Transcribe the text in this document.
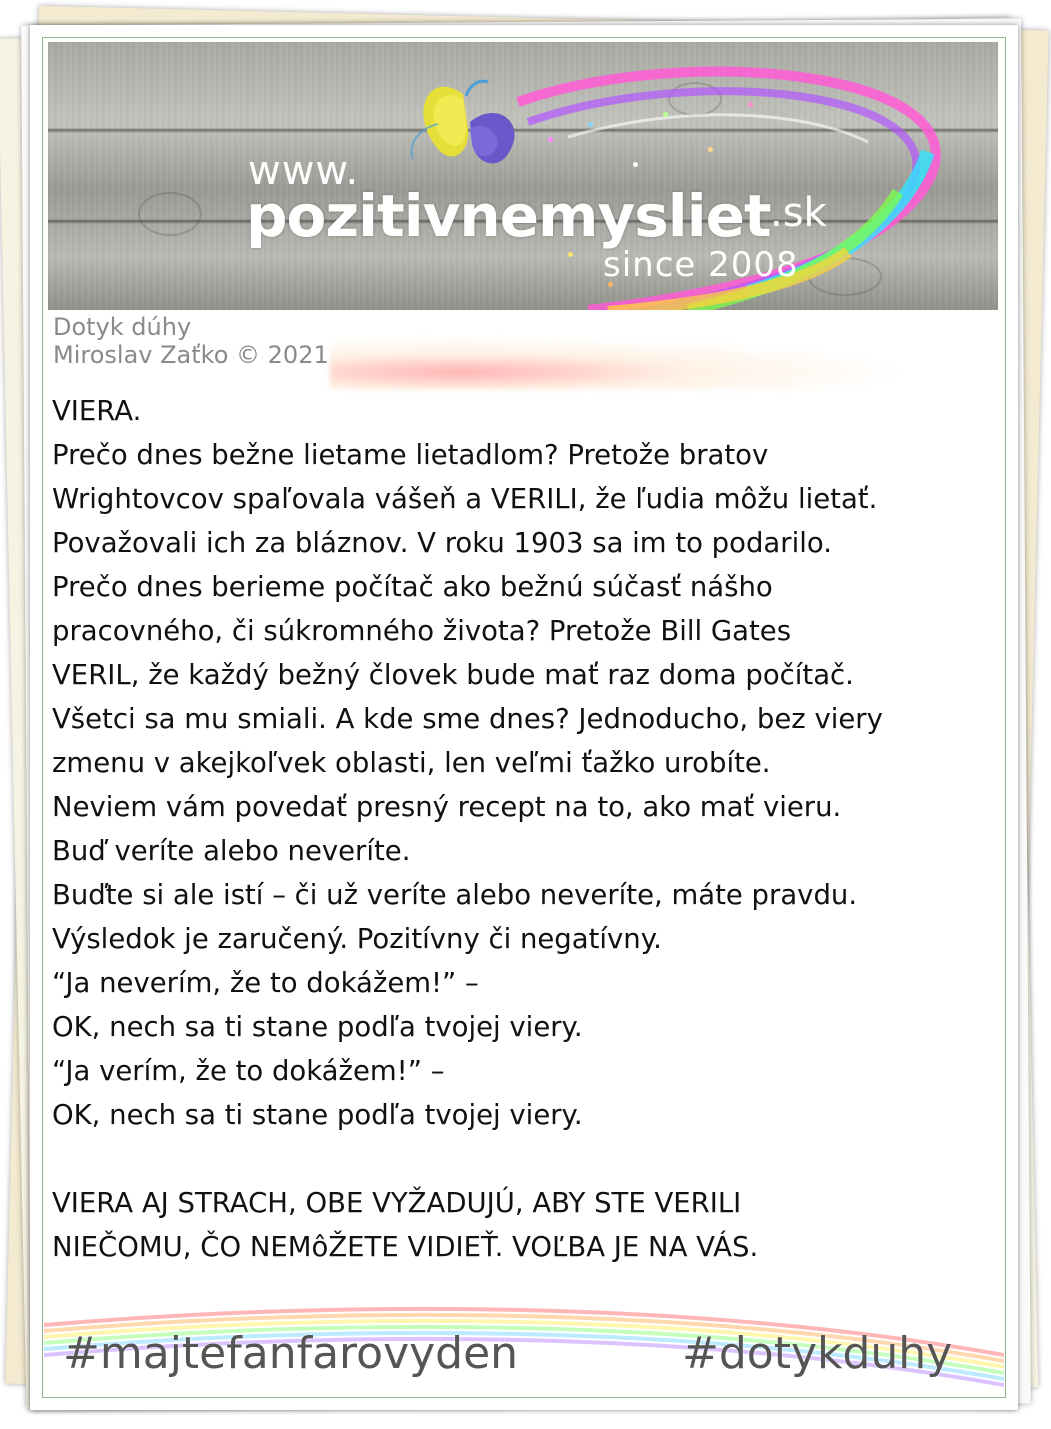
www.
pozitivnemysliet .sk
since 2008
Dotyk dúhy
Miroslav Zaťko © 2021
VIERA.
Prečo dnes bežne lietame lietadlom? Pretože bratov
Wrightovcov spaľovala vášeň a VERILI, že ľudia môžu lietať.
Považovali ich za bláznov. V roku 1903 sa im to podarilo.
Prečo dnes berieme počítač ako bežnú súčasť nášho
pracovného, či súkromného života? Pretože Bill Gates
VERIL, že každý bežný človek bude mať raz doma počítač.
Všetci sa mu smiali. A kde sme dnes? Jednoducho, bez viery
zmenu v akejkoľvek oblasti, len veľmi ťažko urobíte.
Neviem vám povedať presný recept na to, ako mať vieru.
Buď veríte alebo neveríte.
Buďte si ale istí – či už veríte alebo neveríte, máte pravdu.
Výsledok je zaručený. Pozitívny či negatívny.
“Ja neverím, že to dokážem!” –
OK, nech sa ti stane podľa tvojej viery.
“Ja verím, že to dokážem!” –
OK, nech sa ti stane podľa tvojej viery.
VIERA AJ STRACH, OBE VYŽADUJÚ, ABY STE VERILI
NIEČOMU, ČO NEMôŽETE VIDIEŤ. VOĽBA JE NA VÁS.
#majtefanfarovyden	#dotykduhy
